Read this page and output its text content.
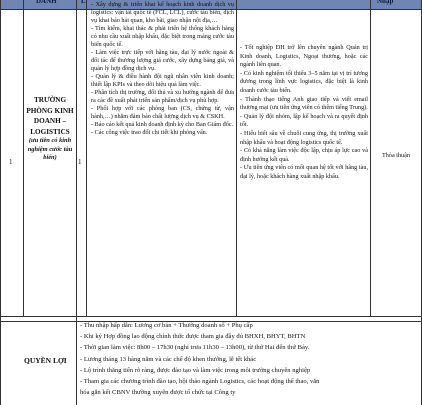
DANH	L	Nhập
1
TRƯỜNG PHÒNG KINH DOANH – LOGISTICS
(ưu tiên có kinh nghiệm cước tàu biển)
1

- Xây dựng & triển khai kế hoạch kinh doanh dịch vụ logistics: vận tải quốc tế (FCL, LCL), cước tàu biển, dịch vụ khai báo hải quan, kho bãi, giao nhận nội địa,…

- Tìm kiếm, khai thác & phát triển hệ thống khách hàng có nhu cầu xuất nhập khẩu, đặc biệt trong mảng cước tàu biển quốc tế.

- Làm việc trực tiếp với hãng tàu, đại lý nước ngoài & đối tác để thương lượng giá cước, xây dựng bảng giá, và quản lý hợp đồng dịch vụ.

- Quản lý & điều hành đội ngũ nhân viên kinh doanh; thiết lập KPIs và theo dõi hiệu quả làm việc.

- Phân tích thị trường, đối thủ và xu hướng ngành để đưa ra các đề xuất phát triển sản phẩm/dịch vụ phù hợp.

- Phối hợp với các phòng ban (CS, chứng từ, vận hành,…) nhằm đảm bảo chất lượng dịch vụ & CSKH.

- Báo cáo kết quả kinh doanh định kỳ cho Ban Giám đốc.

- Các công việc trao đổi chi tiết khi phỏng vấn.

- Tốt nghiệp ĐH trở lên chuyên ngành Quản trị Kinh doanh, Logistics, Ngoại thương, hoặc các ngành liên quan.

- Có kinh nghiệm tối thiểu 3–5 năm tại vị trí tương đương trong lĩnh vực logistics, đặc biệt là kinh doanh cước tàu biển.

- Thành thạo tiếng Anh giao tiếp và viết email thương mại (ưu tiên ứng viên có thêm tiếng Trung).

- Quản lý đội nhóm, lập kế hoạch và ra quyết định tốt.

- Hiểu biết sâu về chuỗi cung ứng, thị trường xuất nhập khẩu và hoạt động logistics quốc tế.

- Có khả năng làm việc độc lập, chịu áp lực cao và định hướng kết quả.

- Ưu tiên ứng viên có mối quan hệ tốt với hãng tàu, đại lý, hoặc khách hàng xuất nhập khẩu.

Thỏa thuận
QUYỀN LỢI

- Thu nhập hấp dẫn: Lương cơ bản + Thưởng doanh số + Phụ cấp

- Khi ký Hợp đồng lao động chính thức được tham gia đầy đủ BHXH, BHYT, BHTN

- Thời gian làm việc: 8h00 – 17h30 (nghỉ trưa 11h30 – 13h00), từ thứ Hai đến thứ Bảy.

- Lương tháng 13 hàng năm và các chế độ khen thưởng, lễ tết khác

- Lộ trình thăng tiến rõ ràng, được đào tạo và làm việc trong môi trường chuyên nghiệp

- Tham gia các chương trình đào tạo, hội thảo ngành Logistics, các hoạt động thể thao, văn

hóa gắn kết CBNV thường xuyên được tổ chức tại Công ty
